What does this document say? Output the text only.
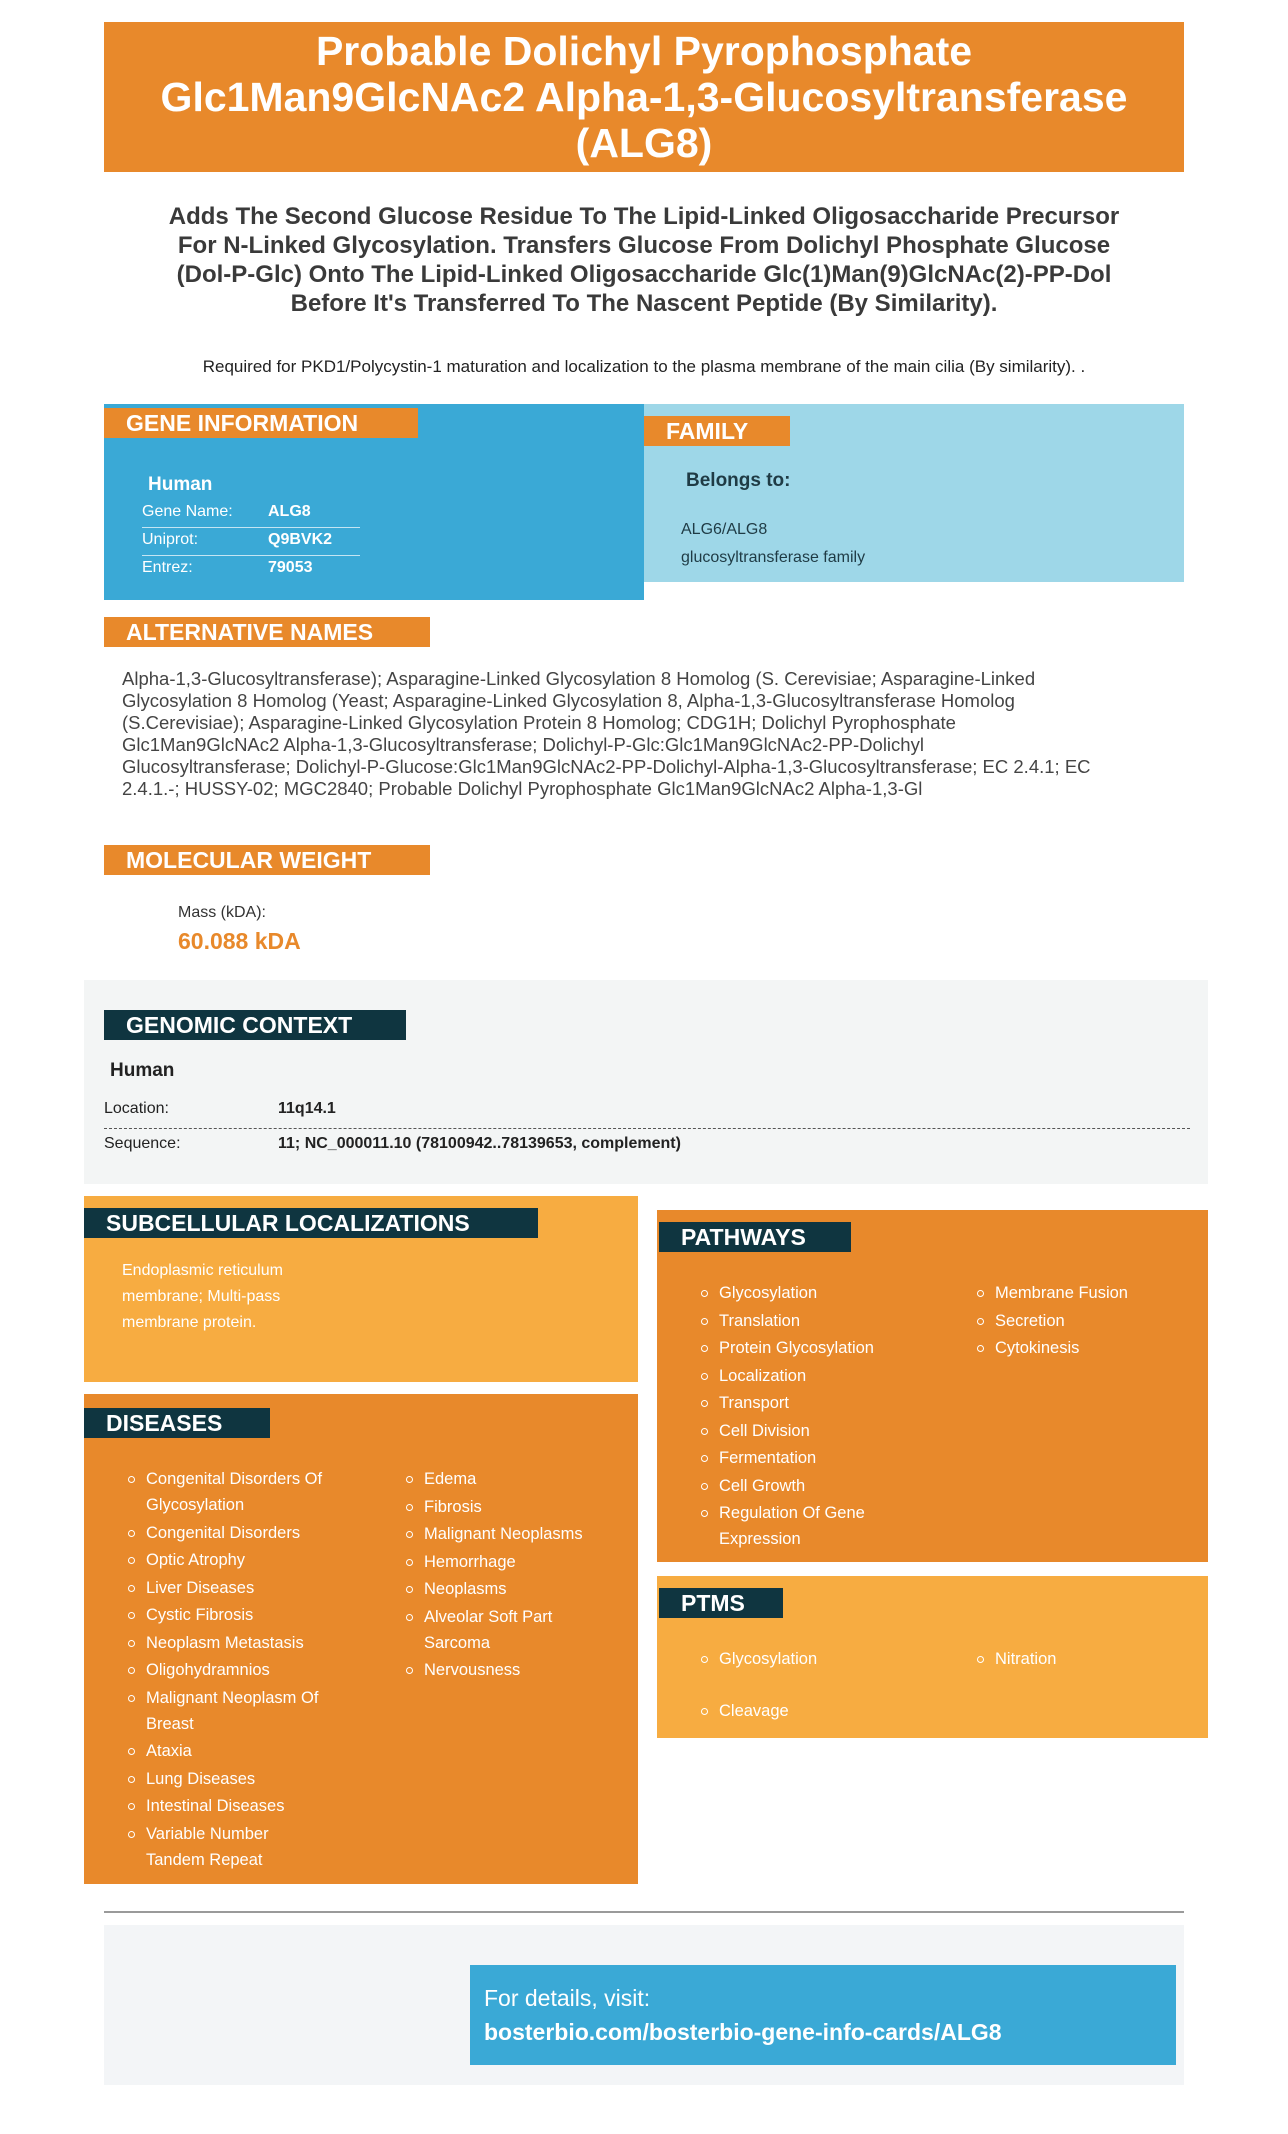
Probable Dolichyl Pyrophosphate
Glc1Man9GlcNAc2 Alpha-1,3-Glucosyltransferase
(ALG8)
Adds The Second Glucose Residue To The Lipid-Linked Oligosaccharide Precursor
For N-Linked Glycosylation. Transfers Glucose From Dolichyl Phosphate Glucose
(Dol-P-Glc) Onto The Lipid-Linked Oligosaccharide Glc(1)Man(9)GlcNAc(2)-PP-Dol
Before It's Transferred To The Nascent Peptide (By Similarity).
Required for PKD1/Polycystin-1 maturation and localization to the plasma membrane of the main cilia (By similarity). .
GENE INFORMATION
Human
Gene Name: ALG8
Uniprot:	Q9BVK2
Entrez:	79053
FAMILY
Belongs to:
ALG6/ALG8
glucosyltransferase family
ALTERNATIVE NAMES
Alpha-1,3-Glucosyltransferase); Asparagine-Linked Glycosylation 8 Homolog (S. Cerevisiae; Asparagine-Linked
Glycosylation 8 Homolog (Yeast; Asparagine-Linked Glycosylation 8, Alpha-1,3-Glucosyltransferase Homolog
(S.Cerevisiae); Asparagine-Linked Glycosylation Protein 8 Homolog; CDG1H; Dolichyl Pyrophosphate
Glc1Man9GlcNAc2 Alpha-1,3-Glucosyltransferase; Dolichyl-P-Glc:Glc1Man9GlcNAc2-PP-Dolichyl
Glucosyltransferase; Dolichyl-P-Glucose:Glc1Man9GlcNAc2-PP-Dolichyl-Alpha-1,3-Glucosyltransferase; EC 2.4.1; EC
2.4.1.-; HUSSY-02; MGC2840; Probable Dolichyl Pyrophosphate Glc1Man9GlcNAc2 Alpha-1,3-Gl
MOLECULAR WEIGHT
Mass (kDA):
60.088 kDA
GENOMIC CONTEXT
Human
Location:	11q14.1
Sequence:	11; NC_000011.10 (78100942..78139653, complement)
SUBCELLULAR LOCALIZATIONS
Endoplasmic reticulum
membrane; Multi-pass
membrane protein.
DISEASES
Congenital Disorders Of
Glycosylation
Congenital Disorders
Optic Atrophy
Liver Diseases
Cystic Fibrosis
Neoplasm Metastasis
Oligohydramnios
Malignant Neoplasm Of
Breast
Ataxia
Lung Diseases
Intestinal Diseases
Variable Number
Tandem Repeat
Edema
Fibrosis
Malignant Neoplasms
Hemorrhage
Neoplasms
Alveolar Soft Part
Sarcoma
Nervousness
PATHWAYS
Glycosylation
Translation
Protein Glycosylation
Localization
Transport
Cell Division
Fermentation
Cell Growth
Regulation Of Gene
Expression
Membrane Fusion
Secretion
Cytokinesis
PTMS
Glycosylation
Cleavage
Nitration
For details, visit:
bosterbio.com/bosterbio-gene-info-cards/ALG8
